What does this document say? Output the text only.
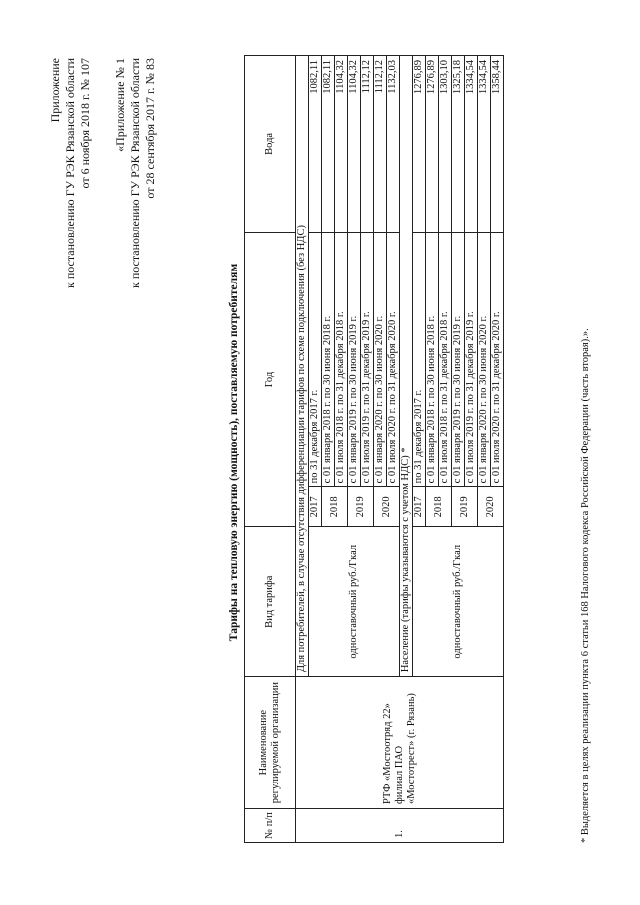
Приложение к постановлению ГУ РЭК Рязанской области от 6 ноября 2018 г. № 107 «Приложение № 1 к постановлению ГУ РЭК Рязанской области от 28 сентября 2017 г. № 83
Тарифы на тепловую энергию (мощность), поставляемую потребителям
№ п/п	Наименование регулируемой организации	Вид тарифа	Год		Вода
1.	РТФ «Мостоотряд 22» филиал ПАО «Мостотрест» (г. Рязань)	Для потребителей, в случае отсутствия дифференциации тарифов по схеме подключения (без НДС)			
		одноставочный руб./Гкал	2017	по 31 декабря 2017 г.	1082,11
			2018	с 01 января 2018 г. по 30 июня 2018 г.	1082,11
				с 01 июля 2018 г. по 31 декабря 2018 г.	1104,32
			2019	с 01 января 2019 г. по 30 июня 2019 г.	1104,32
				с 01 июля 2019 г. по 31 декабря 2019 г.	1112,12
			2020	с 01 января 2020 г. по 30 июня 2020 г.	1112,12
				с 01 июля 2020 г. по 31 декабря 2020 г.	1132,03
		Население (тарифы указываются с учетом НДС) *			
		одноставочный руб./Гкал	2017	по 31 декабря 2017 г.	1276,89
			2018	с 01 января 2018 г. по 30 июня 2018 г.	1276,89
				с 01 июля 2018 г. по 31 декабря 2018 г.	1303,10
			2019	с 01 января 2019 г. по 30 июня 2019 г.	1325,18
				с 01 июля 2019 г. по 31 декабря 2019 г.	1334,54
			2020	с 01 января 2020 г. по 30 июня 2020 г.	1334,54
				с 01 июля 2020 г. по 31 декабря 2020 г.	1358,44
* Выделяется в целях реализации пункта 6 статьи 168 Налогового кодекса Российской Федерации (часть вторая).».
